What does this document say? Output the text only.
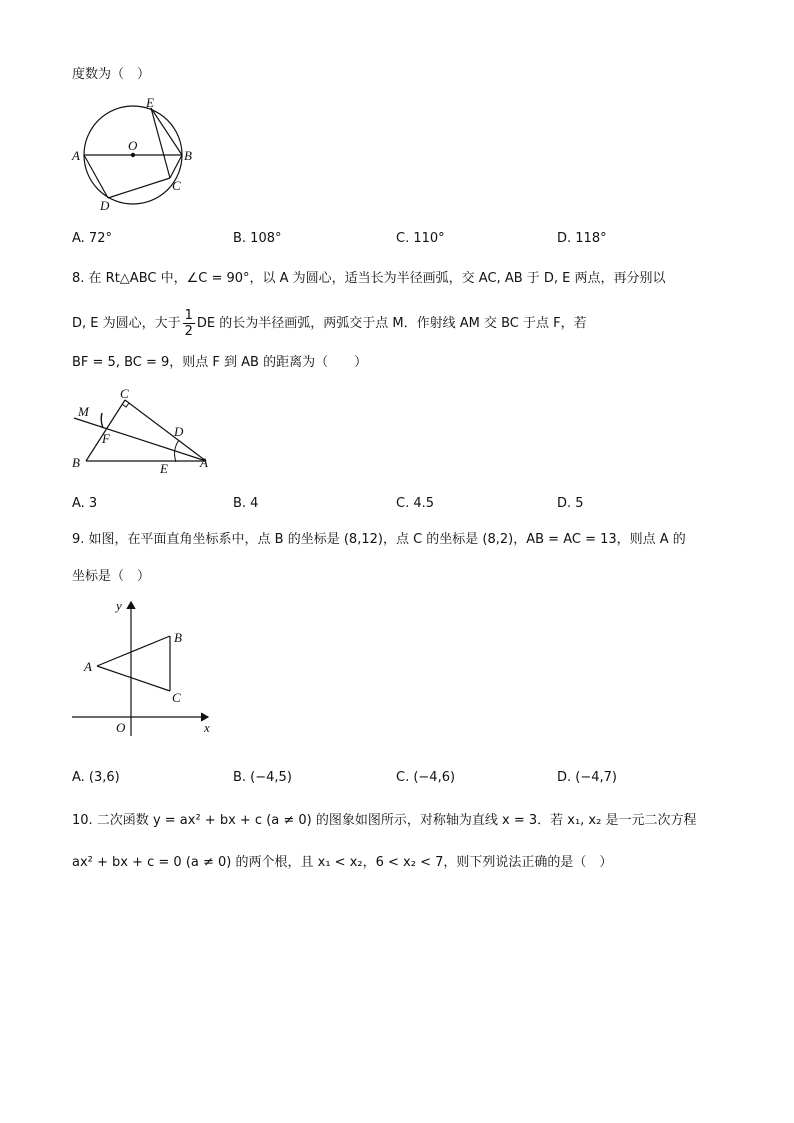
度数为（　）
E
O
A	B
C
D
A. 72°	B. 108°	C. 110°	D. 118°
8. 在 Rt△ABC 中，∠C = 90°，以 A 为圆心，适当长为半径画弧，交 AC, AB 于 D, E 两点，再分别以
D, E 为圆心，大于 $\frac{1}{2}$ DE 的长为半径画弧，两弧交于点 M．作射线 AM 交 BC 于点 F，若
BF = 5, BC = 9，则点 F 到 AB 的距离为（　　）
C
M
F	D
B	E A
A. 3	B. 4	C. 4.5	D. 5
9. 如图，在平面直角坐标系中，点 B 的坐标是 (8,12)，点 C 的坐标是 (8,2)，AB = AC = 13，则点 A 的
坐标是（　）
y
A
B
C
O	x
A. (3,6)	B. (−4,5)	C. (−4,6)	D. (−4,7)
10. 二次函数 y = ax² + bx + c (a ≠ 0) 的图象如图所示，对称轴为直线 x = 3．若 x₁, x₂ 是一元二次方程
ax² + bx + c = 0 (a ≠ 0) 的两个根，且 x₁ < x₂，6 < x₂ < 7，则下列说法正确的是（　）
